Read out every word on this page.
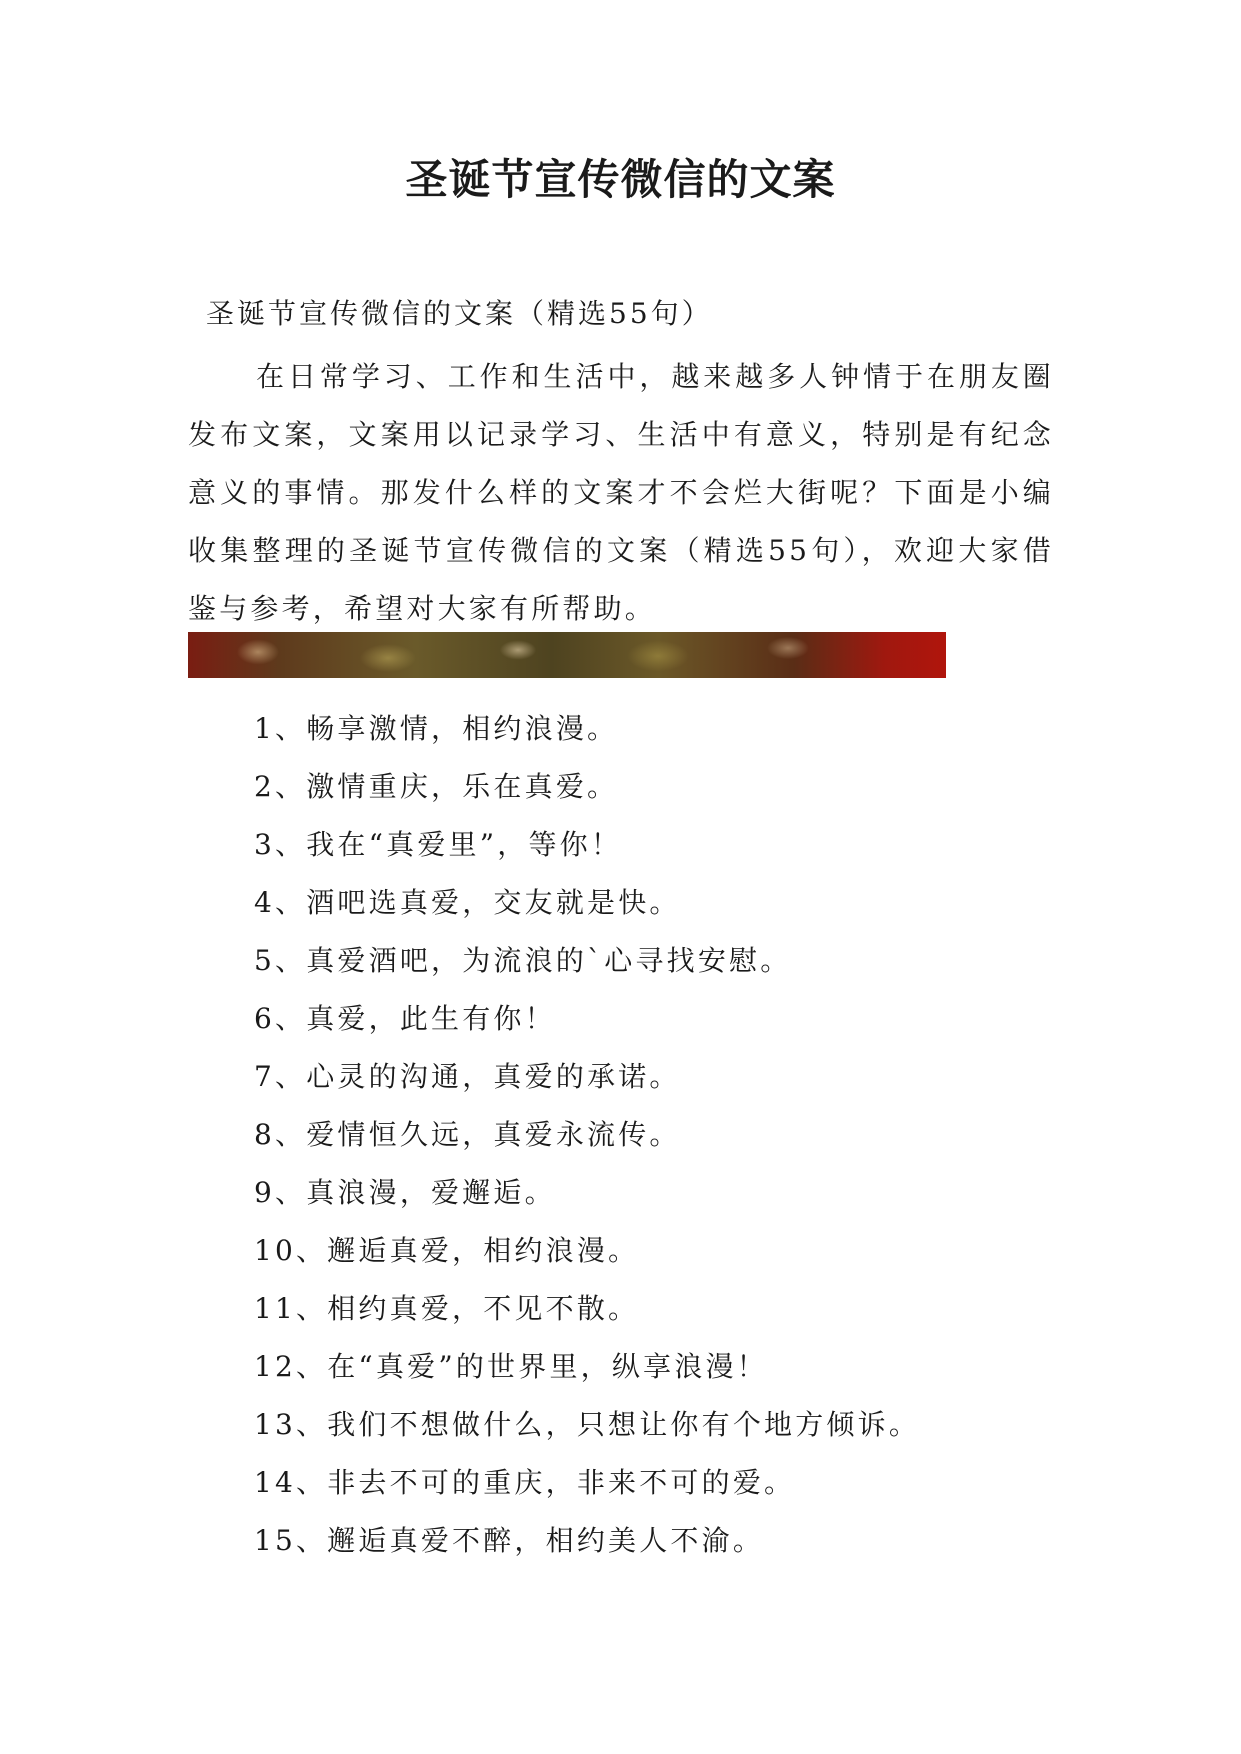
圣诞节宣传微信的文案
圣诞节宣传微信的文案（精选55句）

在日常学习、工作和生活中，越来越多人钟情于在朋友圈发布文案，文案用以记录学习、生活中有意义，特别是有纪念意义的事情。那发什么样的文案才不会烂大街呢？下面是小编收集整理的圣诞节宣传微信的文案（精选55句），欢迎大家借鉴与参考，希望对大家有所帮助。

1、畅享激情，相约浪漫。
2、激情重庆，乐在真爱。
3、我在“真爱里”，等你！
4、酒吧选真爱，交友就是快。
5、真爱酒吧，为流浪的`心寻找安慰。
6、真爱，此生有你！
7、心灵的沟通，真爱的承诺。
8、爱情恒久远，真爱永流传。
9、真浪漫，爱邂逅。
10、邂逅真爱，相约浪漫。
11、相约真爱，不见不散。
12、在“真爱”的世界里，纵享浪漫！
13、我们不想做什么，只想让你有个地方倾诉。
14、非去不可的重庆，非来不可的爱。
15、邂逅真爱不醉，相约美人不渝。
